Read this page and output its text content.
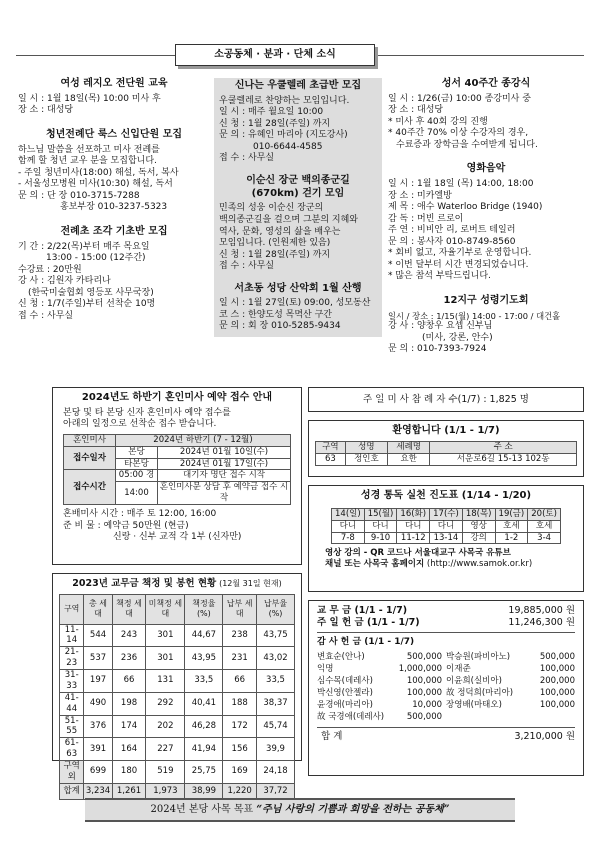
소공동체 · 분과 · 단체 소식
여성 레지오 전단원 교육
일 시 : 1월 18일(목) 10:00 미사 후
장 소 : 대성당
청년전례단 룩스 신입단원 모집
하느님 말씀을 선포하고 미사 전례를
함께 할 청년 교우 분을 모집합니다.
- 주일 청년미사(18:00) 해설, 독서, 복사
- 서울성모병원 미사(10:30) 해설, 독서
문 의 : 단 장 010-3715-7288
홍보부장 010-3237-5323
전례초 조각 기초반 모집
기 간 : 2/22(목)부터 매주 목요일
13:00 - 15:00 (12주간)
수강료 : 20만원
강 사 : 김원자 카타리나
(한국미술협회 영등포 사무국장)
신 청 : 1/7(주일)부터 선착순 10명
접 수 : 사무실
신나는 우쿨렐레 초급반 모집
우쿨렐레로 찬양하는 모임입니다.
일 시 : 매주 월요일 10:00
신 청 : 1월 28일(주일) 까지
문 의 : 유혜인 마리아 (지도강사)
010-6644-4585
접 수 : 사무실
이순신 장군 백의종군길 (670km) 걷기 모임
민족의 성웅 이순신 장군의
백의종군길을 걸으며 그분의 지혜와
역사, 문화, 영성의 삶을 배우는
모임입니다. (인원제한 있음)
신 청 : 1월 28일(주일) 까지
접 수 : 사무실
서초동 성당 산악회 1월 산행
일 시 : 1월 27일(토) 09:00, 성모동산
코 스 : 한양도성 목멱산 구간
문 의 : 회 장 010-5285-9434
성서 40주간 종강식
일 시 : 1/26(금) 10:00 종강미사 중
장 소 : 대성당
* 미사 후 40회 강의 진행
* 40주간 70% 이상 수강자의 경우,
수료증과 장학금을 수여받게 됩니다.
영화음악
일 시 : 1월 18일 (목) 14:00, 18:00
장 소 : 미카엘방
제 목 : 애수 Waterloo Bridge (1940)
감 독 : 머빈 르로이
주 연 : 비비안 리, 로버트 테일러
문 의 : 봉사자 010-8749-8560
* 회비 없고, 자율기부로 운영합니다.
* 이번 달부터 시간 변경되었습니다.
* 많은 참석 부탁드립니다.
12지구 성령기도회
일시 / 장소 : 1/15(월) 14:00 - 17:00 / 대건홀
강 사 : 양창우 요셉 신부님
(미사, 강론, 안수)
문 의 : 010-7393-7924
2024년도 하반기 혼인미사 예약 접수 안내
본당 및 타 본당 신자 혼인미사 예약 접수를
아래의 일정으로 선착순 접수 받습니다.
혼인미사	2024년 하반기 (7 - 12월)	
접수일자	본당	2024년 01월 10일(수)
	타본당	2024년 01월 17일(수)
접수시간	05:00 경	대기자 명단 접수 시작
	14:00	혼인미사문 상담 후 예약금 접수 시작
혼배미사 시간 : 매주 토 12:00, 16:00
준 비 물 : 예약금 50만원 (현금)
신랑 · 신부 교적 각 1부 (신자만)
2023년 교무금 책정 및 봉헌 현황 (12월 31일 현재)
구역	총 세대	책정 세대	미책정 세대	책정율 (%)	납부 세대	납부율 (%)
11-14	544	243	301	44,67	238	43,75
21-23	537	236	301	43,95	231	43,02
31-33	197	66	131	33,5	66	33,5
41-44	490	198	292	40,41	188	38,37
51-55	376	174	202	46,28	172	45,74
61-63	391	164	227	41,94	156	39,9
구역외	699	180	519	25,75	169	24,18
합계	3,234	1,261	1,973	38,99	1,220	37,72
주 일 미 사 참 례 자 수(1/7) : 1,825 명
환영합니다 (1/1 - 1/7)
구역	성명	세례명	주 소
63	정인호	요한	서운로6길 15-13 102동
성경 통독 실천 진도표 (1/14 - 1/20)
14(일)	15(월)	16(화)	17(수)	18(목)	19(금)	20(토)
다니	다니	다니	다니	영상	호세	호세
7-8	9-10	11-12	13-14	강의	1-2	3-4
영상 강의 - QR 코드나 서울대교구 사목국 유튜브
채널 또는 사목국 홈페이지 (http://www.samok.or.kr)
교 무 금 (1/1 - 1/7)	19,885,000 원
주 일 헌 금 (1/1 - 1/7)	11,246,300 원
감 사 헌 금 (1/1 - 1/7)
변효순(안나)	500,000 박승원(파비아노)	500,000
익명	1,000,000 이재준	100,000
심수목(데레사)	100,000 이윤희(실비아)	200,000
박신영(안젤라)	100,000 故 정덕희(마리아)	100,000
윤경애(마리아)	10,000 장영배(마태오)	100,000
故 국경애(데레사)	500,000
합 계	3,210,000 원
2024년 본당 사목 목표 “주님 사랑의 기쁨과 희망을 전하는 공동체”
